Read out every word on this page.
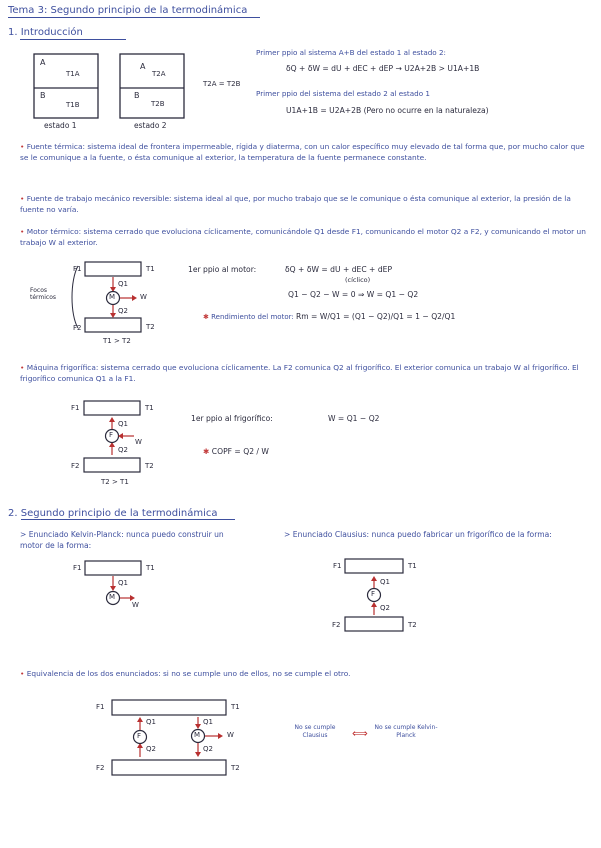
Tema 3: Segundo principio de la termodinámica
1. Introducción
A
T1A
B
T1B
estado 1
A
T2A
B
T2B
estado 2
T2A = T2B
Primer ppio al sistema A+B del estado 1 al estado 2:
δQ + δW = dU + dEC + dEP → U2A+2B > U1A+1B
Primer ppio del sistema del estado 2 al estado 1
U1A+1B = U2A+2B (Pero no ocurre en la naturaleza)
• Fuente térmica: sistema ideal de frontera impermeable, rígida y diaterma, con un calor específico muy elevado de tal forma que, por mucho calor que se le comunique a la fuente, o ésta comunique al exterior, la temperatura de la fuente permanece constante.
• Fuente de trabajo mecánico reversible: sistema ideal al que, por mucho trabajo que se le comunique o ésta comunique al exterior, la presión de la fuente no varía.
• Motor térmico: sistema cerrado que evoluciona cíclicamente, comunicándole Q1 desde F1, comunicando el motor Q2 a F2, y comunicando el motor un trabajo W al exterior.
F1	T1
F2	T2
Q1
Q2
M	W
Focos térmicos
T1 > T2
1er ppio al motor:	δQ + δW = dU + dEC + dEP
(cíclico)
Q1 − Q2 − W = 0 ⇒ W = Q1 − Q2
✱ Rendimiento del motor: Rm = W/Q1 = (Q1 − Q2)/Q1 = 1 − Q2/Q1
• Máquina frigorífica: sistema cerrado que evoluciona cíclicamente. La F2 comunica Q2 al frigorífico. El exterior comunica un trabajo W al frigorífico. El frigorífico comunica Q1 a la F1.
F1	T1
F2	T2
Q1
Q2
F
W
T2 > T1
1er ppio al frigorífico:	W = Q1 − Q2
✱ COPF = Q2 / W
2. Segundo principio de la termodinámica
> Enunciado Kelvin-Planck: nunca puedo construir un motor de la forma:
> Enunciado Clausius: nunca puedo fabricar un frigorífico de la forma:
F1	T1
Q1
M
W
F1	T1
F2	T2
Q1
Q2
F
• Equivalencia de los dos enunciados: si no se cumple uno de ellos, no se cumple el otro.
F1	T1
F2	T2
Q1
Q2
Q1
Q2
F	M	W
No se cumple Clausius	⟺	No se cumple Kelvin-Planck
